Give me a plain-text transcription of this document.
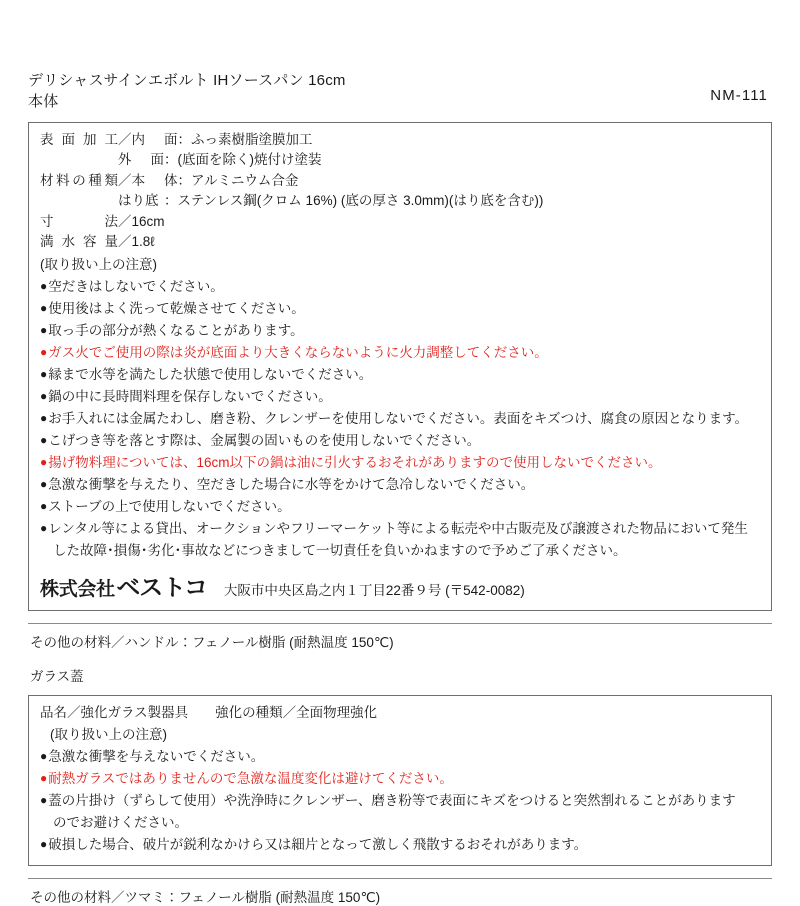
デリシャスサインエボルト IHソースパン 16cm
本体	NM-111
表面加工 ／ 内 面 ： ふっ素樹脂塗膜加工
外 面 ： (底面を除く)焼付け塗装
材料の種類 ／ 本 体 ： アルミニウム合金
はり底 ： ステンレス鋼(クロム 16%) (底の厚さ 3.0mm)(はり底を含む))
寸法 ／ 16cm
満水容量 ／ 1.8ℓ
(取り扱い上の注意)
● 空だきはしないでください。
● 使用後はよく洗って乾燥させてください。
● 取っ手の部分が熱くなることがあります。
● ガス火でご使用の際は炎が底面より大きくならないように火力調整してください。
● 縁まで水等を満たした状態で使用しないでください。
● 鍋の中に長時間料理を保存しないでください。
● お手入れには金属たわし、磨き粉、クレンザーを使用しないでください。表面をキズつけ、腐食の原因となります。
● こげつき等を落とす際は、金属製の固いものを使用しないでください。
● 揚げ物料理については、16cm以下の鍋は油に引火するおそれがありますので使用しないでください。
● 急激な衝撃を与えたり、空だきした場合に水等をかけて急冷しないでください。
● ストーブの上で使用しないでください。
● レンタル等による貸出、オークションやフリーマーケット等による転売や中古販売及び譲渡された物品において発生
した故障･損傷･劣化･事故などにつきまして一切責任を負いかねますので予めご了承ください。
株式会社ベストコ	大阪市中央区島之内１丁目22番９号 (〒542-0082)
その他の材料／ハンドル：フェノール樹脂 (耐熱温度 150℃)
ガラス蓋
品名／強化ガラス製器具　　強化の種類／全面物理強化
(取り扱い上の注意)
● 急激な衝撃を与えないでください。
● 耐熱ガラスではありませんので急激な温度変化は避けてください。
● 蓋の片掛け（ずらして使用）や洗浄時にクレンザー、磨き粉等で表面にキズをつけると突然割れることがあります
のでお避けください。
● 破損した場合、破片が鋭利なかけら又は細片となって激しく飛散するおそれがあります。
その他の材料／ツマミ：フェノール樹脂 (耐熱温度 150℃)
